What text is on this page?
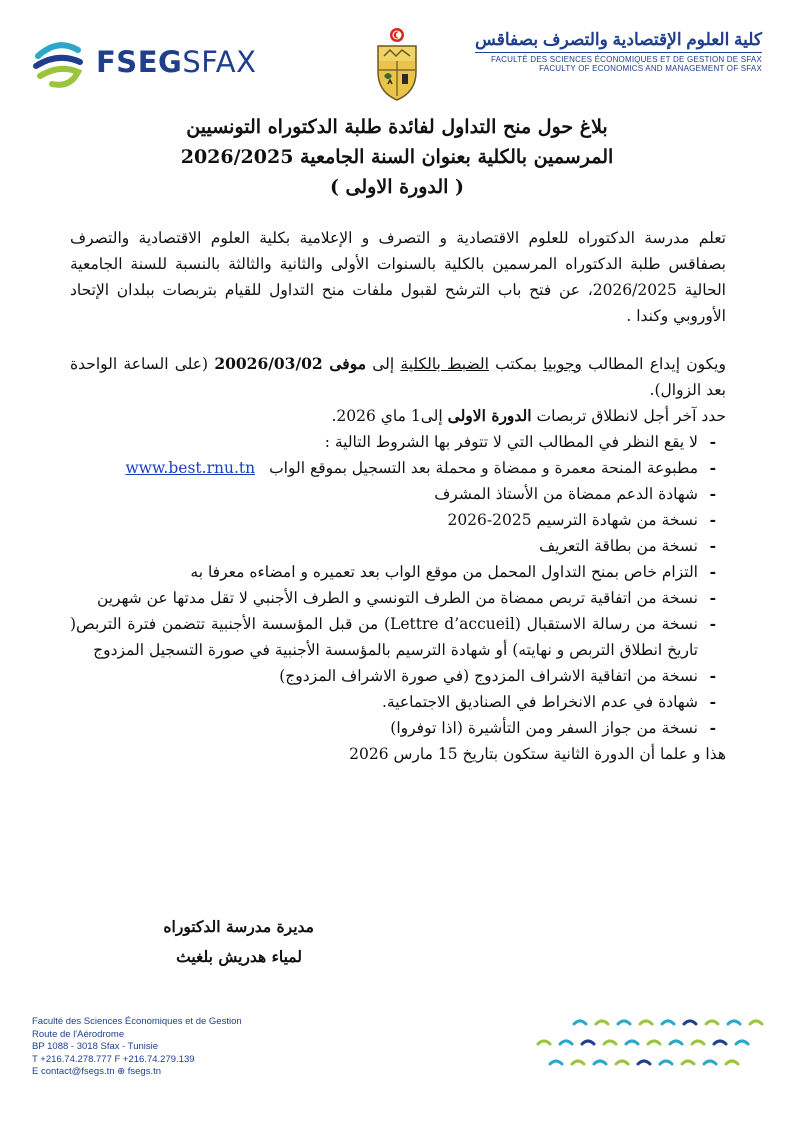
FSEGSFAX
كلية العلوم الإقتصادية والتصرف بصفاقس
FACULTÉ DES SCIENCES ÉCONOMIQUES ET DE GESTION DE SFAX
FACULTY OF ECONOMICS AND MANAGEMENT OF SFAX
بلاغ حول منح التداول لفائدة طلبة الدكتوراه التونسيين
المرسمين بالكلية بعنوان السنة الجامعية 2026/2025
( الدورة الاولى )

تعلم مدرسة الدكتوراه للعلوم الاقتصادية و التصرف و الإعلامية بكلية العلوم الاقتصادية والتصرف بصفاقس طلبة الدكتوراه المرسمين بالكلية بالسنوات الأولى والثانية والثالثة بالنسبة للسنة الجامعية الحالية 2026/2025، عن فتح باب الترشح لقبول ملفات منح التداول للقيام بتربصات ببلدان الإتحاد الأوروبي وكندا .

ويكون إيداع المطالب وجوبيا بمكتب الضبط بالكلية إلى موفى 20026/03/02 (على الساعة الواحدة بعد الزوال).

حدد آخر أجل لانطلاق تربصات الدورة الاولى إلى1 ماي 2026.

- لا يقع النظر في المطالب التي لا تتوفر بها الشروط التالية :
- مطبوعة المنحة معمرة و ممضاة و محملة بعد التسجيل بموقع الوابwww.best.rnu.tn
- شهادة الدعم ممضاة من الأستاذ المشرف
- نسخة من شهادة الترسيم 2025-2026
- نسخة من بطاقة التعريف
- التزام خاص بمنح التداول المحمل من موقع الواب بعد تعميره و امضاءه معرفا به
- نسخة من اتفاقية تربص ممضاة من الطرف التونسي و الطرف الأجنبي لا تقل مدتها عن شهرين
- نسخة من رسالة الاستقبال (Lettre d’accueil) من قبل المؤسسة الأجنبية تتضمن فترة التربص( تاريخ انطلاق التربص و نهايته) أو شهادة الترسيم بالمؤسسة الأجنبية في صورة التسجيل المزدوج
- نسخة من اتفاقية الاشراف المزدوج (في صورة الاشراف المزدوج)
- شهادة في عدم الانخراط في الصناديق الاجتماعية.
- نسخة من جواز السفر ومن التأشيرة (اذا توفروا)

هذا و علما أن الدورة الثانية ستكون بتاريخ 15 مارس 2026

مديرة مدرسة الدكتوراه
لمياء هدريش بلغيث
Faculté des Sciences Économiques et de Gestion
Route de l'Aérodrome
BP 1088 - 3018 Sfax - Tunisie
T +216.74.278.777 F +216.74.279.139
E contact@fsegs.tn ⊕ fsegs.tn
